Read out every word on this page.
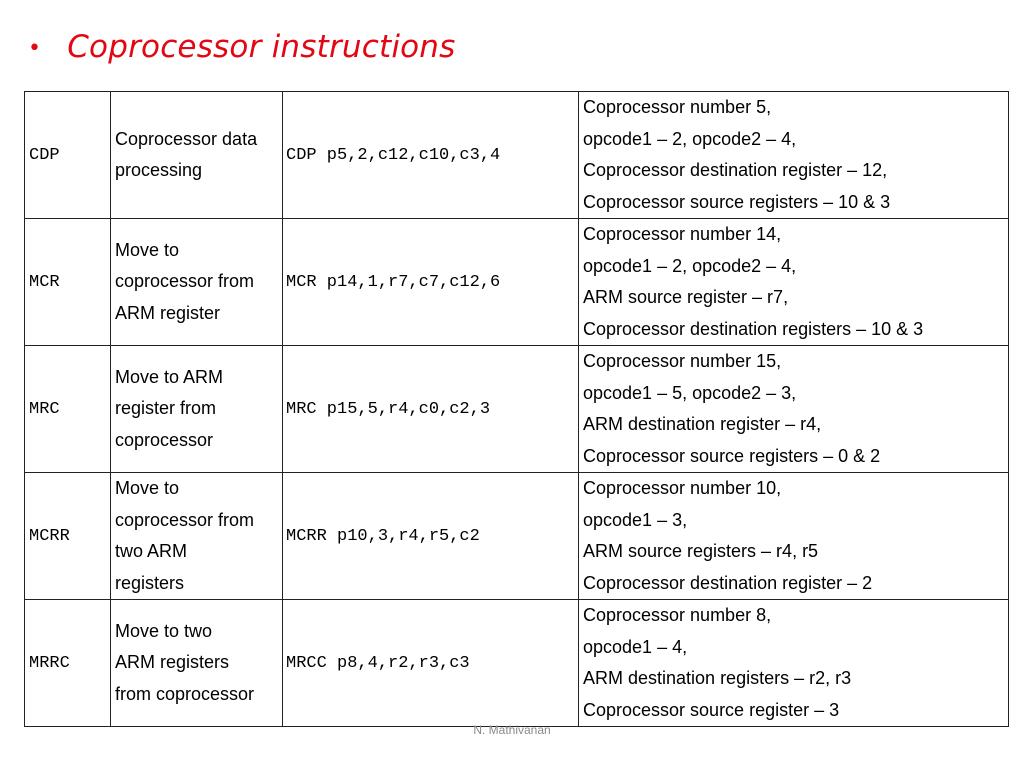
• Coprocessor instructions
CDP	Coprocessor data
processing	CDP p5,2,c12,c10,c3,4	Coprocessor number 5,
opcode1 – 2, opcode2 – 4,
Coprocessor destination register – 12,
Coprocessor source registers – 10 & 3

MCR	Move to
coprocessor from
ARM register	MCR p14,1,r7,c7,c12,6	Coprocessor number 14,
opcode1 – 2, opcode2 – 4,
ARM source register – r7,
Coprocessor destination registers – 10 & 3

MRC	Move to ARM
register from
coprocessor	MRC p15,5,r4,c0,c2,3	Coprocessor number 15,
opcode1 – 5, opcode2 – 3,
ARM destination register – r4,
Coprocessor source registers – 0 & 2

MCRR	Move to
coprocessor from
two ARM
registers	MCRR p10,3,r4,r5,c2	Coprocessor number 10,
opcode1 – 3,
ARM source registers – r4, r5
Coprocessor destination register – 2

MRRC	Move to two
ARM registers
from coprocessor	MRCC p8,4,r2,r3,c3	Coprocessor number 8,
opcode1 – 4,
ARM destination registers – r2, r3
Coprocessor source register – 3
N. Mathivanan
